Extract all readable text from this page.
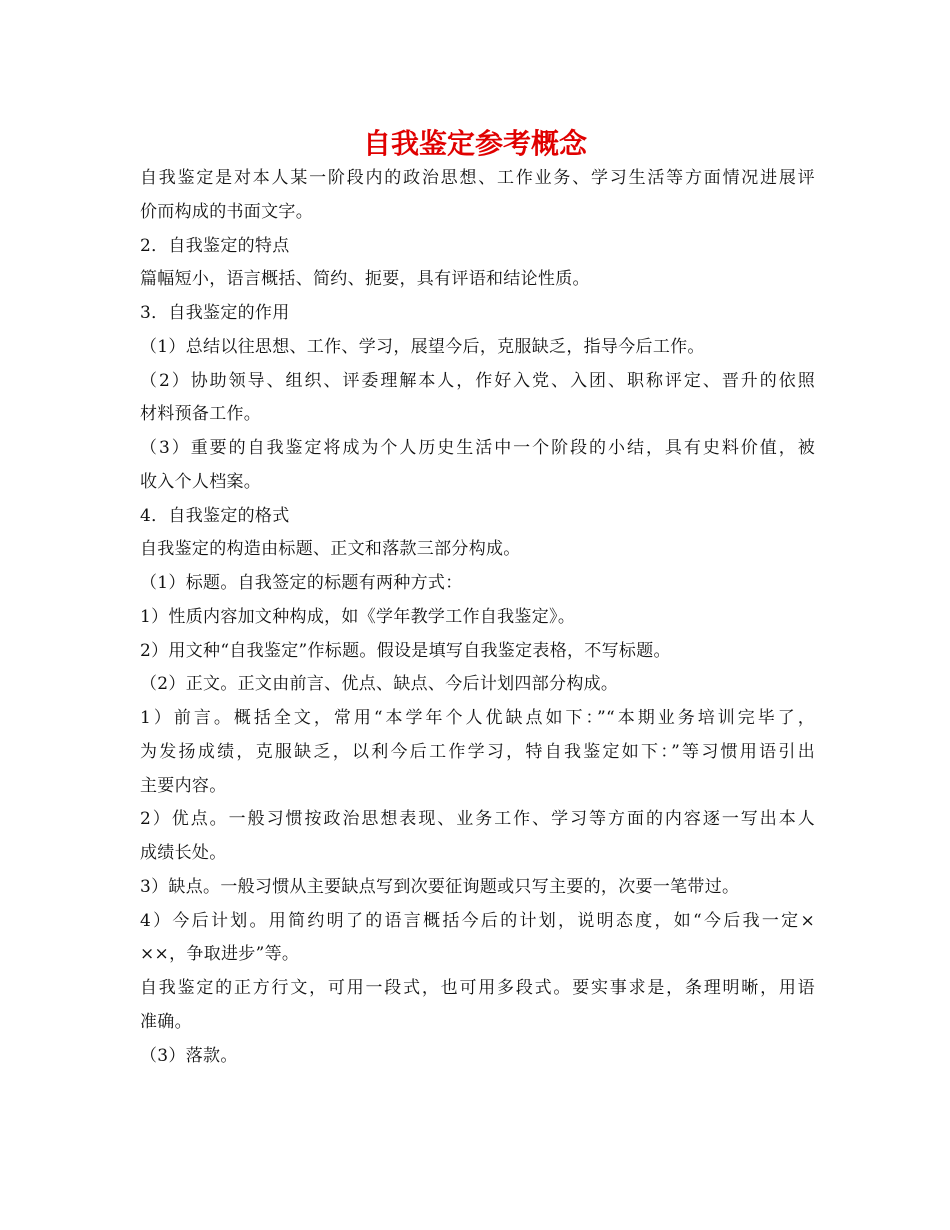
自我鉴定参考概念
自我鉴定是对本人某一阶段内的政治思想、工作业务、学习生活等方面情况进展评
价而构成的书面文字。
2．自我鉴定的特点
篇幅短小，语言概括、简约、扼要，具有评语和结论性质。
3．自我鉴定的作用
（1）总结以往思想、工作、学习，展望今后，克服缺乏，指导今后工作。
（2）协助领导、组织、评委理解本人，作好入党、入团、职称评定、晋升的依照
材料预备工作。
（3）重要的自我鉴定将成为个人历史生活中一个阶段的小结，具有史料价值，被
收入个人档案。
4．自我鉴定的格式
自我鉴定的构造由标题、正文和落款三部分构成。
（1）标题。自我签定的标题有两种方式：
1）性质内容加文种构成，如《学年教学工作自我鉴定》。
2）用文种“自我鉴定”作标题。假设是填写自我鉴定表格，不写标题。
（2）正文。正文由前言、优点、缺点、今后计划四部分构成。
1）前言。概括全文，常用“本学年个人优缺点如下：”“本期业务培训完毕了，
为发扬成绩，克服缺乏，以利今后工作学习，特自我鉴定如下：”等习惯用语引出
主要内容。
2）优点。一般习惯按政治思想表现、业务工作、学习等方面的内容逐一写出本人
成绩长处。
3）缺点。一般习惯从主要缺点写到次要征询题或只写主要的，次要一笔带过。
4）今后计划。用简约明了的语言概括今后的计划，说明态度，如“今后我一定×
××，争取进步”等。
自我鉴定的正方行文，可用一段式，也可用多段式。要实事求是，条理明晰，用语
准确。
（3）落款。
